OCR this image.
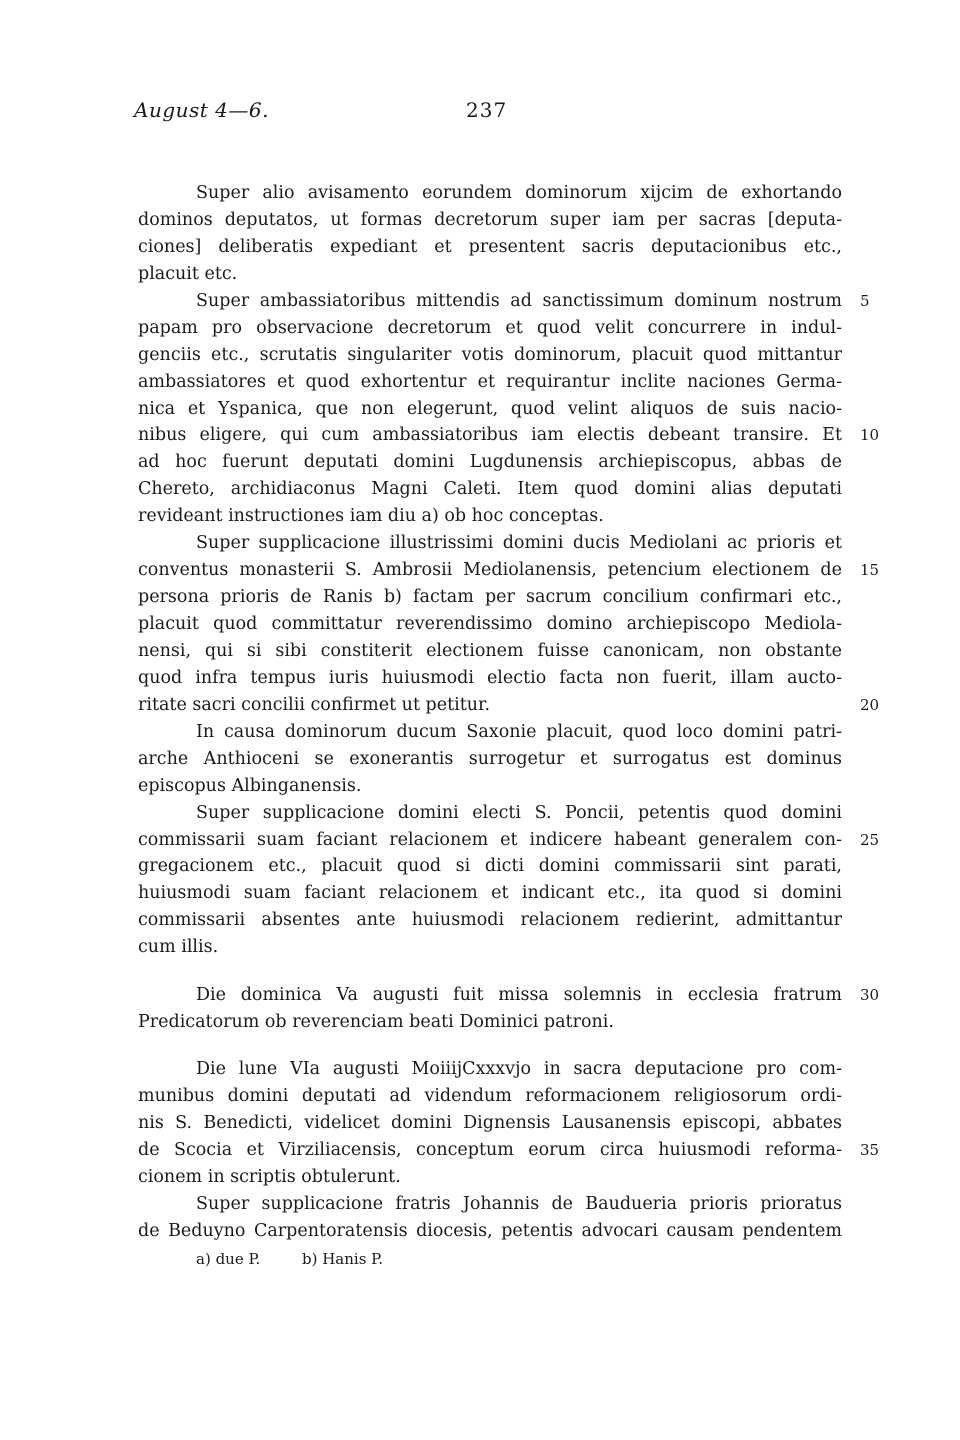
August 4—6.	237
Super alio avisamento eorundem dominorum xijcim de exhortando
dominos deputatos, ut formas decretorum super iam per sacras [deputa-
ciones] deliberatis expediant et presentent sacris deputacionibus etc.,
placuit etc.
Super ambassiatoribus mittendis ad sanctissimum dominum nostrum 5
papam pro observacione decretorum et quod velit concurrere in indul-
genciis etc., scrutatis singulariter votis dominorum, placuit quod mittantur
ambassiatores et quod exhortentur et requirantur inclite naciones Germa-
nica et Yspanica, que non elegerunt, quod velint aliquos de suis nacio-
nibus eligere, qui cum ambassiatoribus iam electis debeant transire. Et 10
ad hoc fuerunt deputati domini Lugdunensis archiepiscopus, abbas de
Chereto, archidiaconus Magni Caleti. Item quod domini alias deputati
revideant instructiones iam diu a) ob hoc conceptas.
Super supplicacione illustrissimi domini ducis Mediolani ac prioris et
conventus monasterii S. Ambrosii Mediolanensis, petencium electionem de 15
persona prioris de Ranis b) factam per sacrum concilium confirmari etc.,
placuit quod committatur reverendissimo domino archiepiscopo Mediola-
nensi, qui si sibi constiterit electionem fuisse canonicam, non obstante
quod infra tempus iuris huiusmodi electio facta non fuerit, illam aucto-
ritate sacri concilii confirmet ut petitur.	20
In causa dominorum ducum Saxonie placuit, quod loco domini patri-
arche Anthioceni se exonerantis surrogetur et surrogatus est dominus
episcopus Albinganensis.
Super supplicacione domini electi S. Poncii, petentis quod domini
commissarii suam faciant relacionem et indicere habeant generalem con- 25
gregacionem etc., placuit quod si dicti domini commissarii sint parati,
huiusmodi suam faciant relacionem et indicant etc., ita quod si domini
commissarii absentes ante huiusmodi relacionem redierint, admittantur
cum illis.
Die dominica Va augusti fuit missa solemnis in ecclesia fratrum 30
Predicatorum ob reverenciam beati Dominici patroni.
Die lune VIa augusti MoiiijCxxxvjo in sacra deputacione pro com-
munibus domini deputati ad videndum reformacionem religiosorum ordi-
nis S. Benedicti, videlicet domini Dignensis Lausanensis episcopi, abbates
de Scocia et Virziliacensis, conceptum eorum circa huiusmodi reforma- 35
cionem in scriptis obtulerunt.
Super supplicacione fratris Johannis de Baudueria prioris prioratus
de Beduyno Carpentoratensis diocesis, petentis advocari causam pendentem
a) due P.	b) Hanis P.
